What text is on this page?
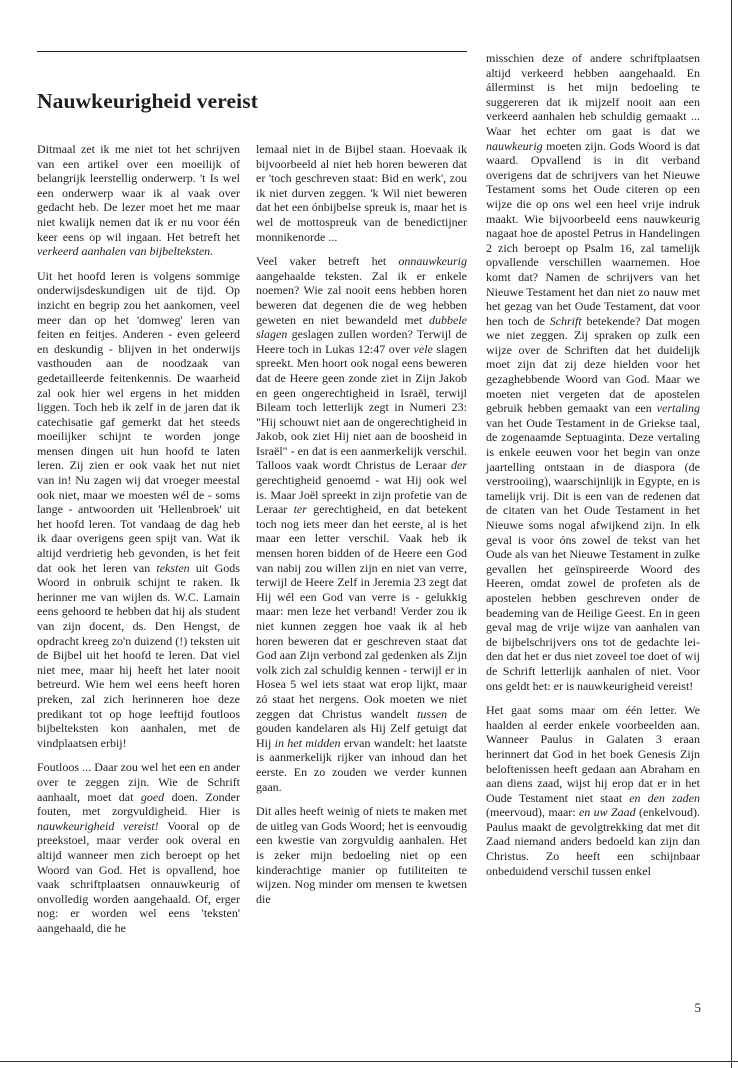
Nauwkeurigheid vereist

Ditmaal zet ik me niet tot het schrijven van een artikel over een moeilijk of belangrijk leerstellig onderwerp. 't Is wel een onderwerp waar ik al vaak over gedacht heb. De lezer moet het me maar niet kwalijk nemen dat ik er nu voor één keer eens op wil ingaan. Het betreft het verkeerd aanhalen van bijbelteksten.

Uit het hoofd leren is volgens sommige onderwijsdeskundigen uit de tijd. Op inzicht en begrip zou het aankomen, veel meer dan op het 'domweg' leren van feiten en feitjes. Anderen - even geleerd en deskundig - blijven in het onderwijs vasthouden aan de noodzaak van gedetailleerde feitenkennis. De waarheid zal ook hier wel ergens in het midden liggen. Toch heb ik zelf in de jaren dat ik catechisatie gaf gemerkt dat het steeds moeilijker schijnt te worden jonge mensen dingen uit hun hoofd te laten leren. Zij zien er ook vaak het nut niet van in! Nu zagen wij dat vroeger meestal ook niet, maar we moesten wél de - soms lange - antwoorden uit 'Hellenbroek' uit het hoofd leren. Tot vandaag de dag heb ik daar overigens geen spijt van. Wat ik altijd verdrietig heb gevonden, is het feit dat ook het leren van teksten uit Gods Woord in onbruik schijnt te raken. Ik herinner me van wijlen ds. W.C. Lamain eens gehoord te hebben dat hij als student van zijn docent, ds. Den Hengst, de opdracht kreeg zo'n duizend (!) teksten uit de Bijbel uit het hoofd te leren. Dat viel niet mee, maar hij heeft het later nooit betreurd. Wie hem wel eens heeft horen preken, zal zich herinneren hoe deze predikant tot op hoge leeftijd foutloos bijbelteksten kon aanhalen, met de vindplaatsen erbij!

Foutloos ... Daar zou wel het een en ander over te zeggen zijn. Wie de Schrift aanhaalt, moet dat goed doen. Zonder fouten, met zorgvuldigheid. Hier is nauwkeurigheid vereist! Vooral op de preekstoel, maar verder ook overal en altijd wanneer men zich beroept op het Woord van God. Het is opvallend, hoe vaak schriftplaatsen onnauwkeurig of onvolledig worden aangehaald. Of, erger nog: er worden wel eens 'teksten' aangehaald, die he

lemaal niet in de Bijbel staan. Hoevaak ik bijvoorbeeld al niet heb horen beweren dat er 'toch geschreven staat: Bid en werk', zou ik niet durven zeggen. 'k Wil niet beweren dat het een ónbijbelse spreuk is, maar het is wel de mottospreuk van de benedictijner monnikenorde ...

Veel vaker betreft het onnauwkeurig aangehaalde teksten. Zal ik er enkele noemen? Wie zal nooit eens hebben horen beweren dat degenen die de weg hebben geweten en niet bewandeld met dubbele slagen geslagen zullen worden? Terwijl de Heere toch in Lukas 12:47 over vele slagen spreekt. Men hoort ook nogal eens beweren dat de Heere geen zonde ziet in Zijn Jakob en geen ongerechtigheid in Israël, terwijl Bileam toch letterlijk zegt in Numeri 23: "Hij schouwt niet aan de ongerechtigheid in Jakob, ook ziet Hij niet aan de boosheid in Israël" - en dat is een aanmerkelijk verschil. Talloos vaak wordt Christus de Leraar der gerechtigheid genoemd - wat Hij ook wel is. Maar Joël spreekt in zijn profetie van de Leraar ter gerechtigheid, en dat betekent toch nog iets meer dan het eerste, al is het maar een letter verschil. Vaak heb ik mensen horen bidden of de Heere een God van nabij zou willen zijn en niet van verre, terwijl de Heere Zelf in Jeremia 23 zegt dat Hij wél een God van verre is - gelukkig maar: men leze het verband! Verder zou ik niet kunnen zeggen hoe vaak ik al heb horen beweren dat er geschreven staat dat God aan Zijn verbond zal gedenken als Zijn volk zich zal schuldig kennen - terwijl er in Hosea 5 wel iets staat wat erop lijkt, maar zó staat het nergens. Ook moeten we niet zeggen dat Christus wandelt tussen de gouden kandelaren als Hij Zelf getuigt dat Hij in het midden ervan wandelt: het laatste is aanmerkelijk rijker van inhoud dan het eerste. En zo zouden we verder kunnen gaan.

Dit alles heeft weinig of niets te maken met de uitleg van Gods Woord; het is eenvoudig een kwestie van zorgvuldig aanhalen. Het is zeker mijn bedoeling niet op een kinderachtige manier op futiliteiten te wijzen. Nog minder om mensen te kwetsen die

misschien deze of andere schriftplaatsen altijd verkeerd hebben aangehaald. En állerminst is het mijn bedoeling te suggereren dat ik mijzelf nooit aan een verkeerd aanhalen heb schuldig gemaakt ... Waar het echter om gaat is dat we nauwkeurig moeten zijn. Gods Woord is dat waard. Opvallend is in dit verband overigens dat de schrijvers van het Nieuwe Testament soms het Oude citeren op een wijze die op ons wel een heel vrije indruk maakt. Wie bijvoorbeeld eens nauwkeurig nagaat hoe de apostel Petrus in Handelingen 2 zich beroept op Psalm 16, zal tamelijk opvallende verschillen waarnemen. Hoe komt dat? Namen de schrijvers van het Nieuwe Testament het dan niet zo nauw met het gezag van het Oude Testament, dat voor hen toch de Schrift betekende? Dat mogen we niet zeggen. Zij spraken op zulk een wijze over de Schriften dat het duidelijk moet zijn dat zij deze hielden voor het gezaghebbende Woord van God. Maar we moeten niet vergeten dat de apostelen gebruik hebben gemaakt van een vertaling van het Oude Testament in de Griekse taal, de zogenaamde Septuaginta. Deze vertaling is enkele eeuwen voor het begin van onze jaartelling ontstaan in de diaspora (de verstrooiing), waarschijnlijk in Egypte, en is tamelijk vrij. Dit is een van de redenen dat de citaten van het Oude Testament in het Nieuwe soms nogal afwijkend zijn. In elk geval is voor óns zowel de tekst van het Oude als van het Nieuwe Testament in zulke gevallen het geïnspireerde Woord des Heeren, omdat zowel de profeten als de apostelen hebben geschreven onder de beademing van de Heilige Geest. En in geen geval mag de vrije wijze van aanhalen van de bijbelschrijvers ons tot de gedachte leiden dat het er dus niet zoveel toe doet of wij de Schrift letterlijk aanhalen of niet. Voor ons geldt het: er is nauwkeurigheid vereist!

Het gaat soms maar om één letter. We haalden al eerder enkele voorbeelden aan. Wanneer Paulus in Galaten 3 eraan herinnert dat God in het boek Genesis Zijn beloftenissen heeft gedaan aan Abraham en aan diens zaad, wijst hij erop dat er in het Oude Testament niet staat en den zaden (meervoud), maar: en uw Zaad (enkelvoud). Paulus maakt de gevolgtrekking dat met dit Zaad niemand anders bedoeld kan zijn dan Christus. Zo heeft een schijnbaar onbeduidend verschil tussen enkel

5
